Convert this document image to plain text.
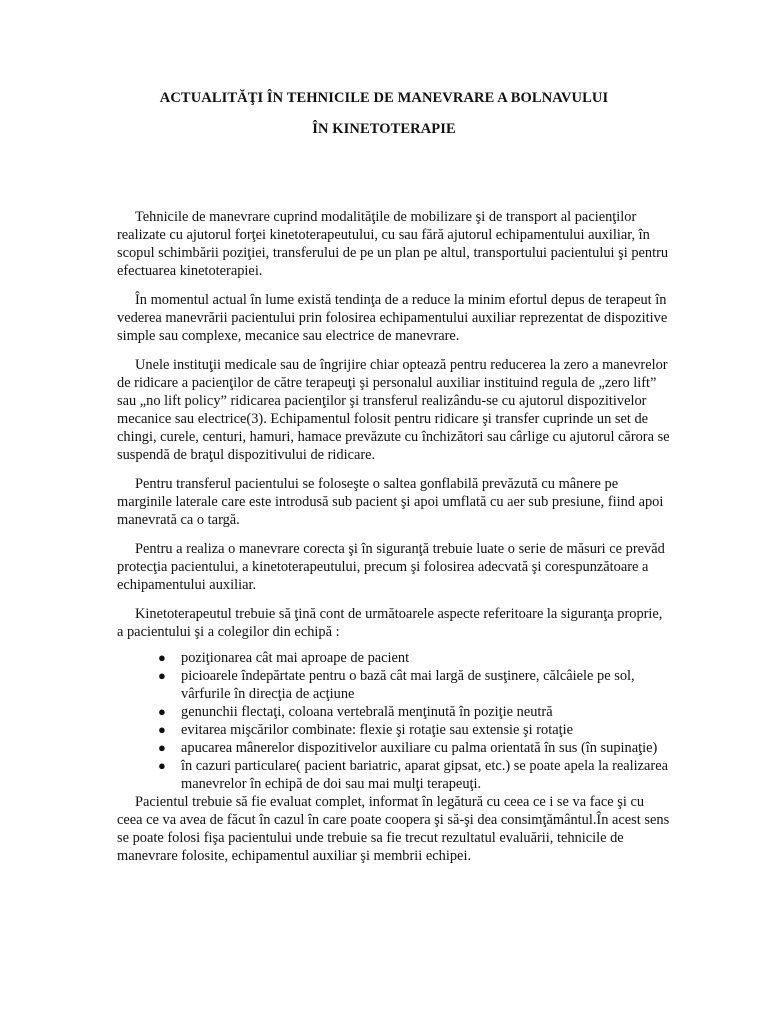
ACTUALITĂŢI ÎN TEHNICILE DE MANEVRARE A BOLNAVULUI
ÎN KINETOTERAPIE

Tehnicile de manevrare cuprind modalităţile de mobilizare şi de transport al pacienţilor realizate cu ajutorul forţei kinetoterapeutului, cu sau fără ajutorul echipamentului auxiliar, în scopul schimbării poziţiei, transferului de pe un plan pe altul, transportului pacientului şi pentru efectuarea kinetoterapiei.

În momentul actual în lume există tendinţa de a reduce la minim efortul depus de terapeut în vederea manevrării pacientului prin folosirea echipamentului auxiliar reprezentat de dispozitive simple sau complexe, mecanice sau electrice de manevrare.

Unele instituţii medicale sau de îngrijire chiar optează pentru reducerea la zero a manevrelor de ridicare a pacienţilor de către terapeuţi şi personalul auxiliar instituind regula de „zero lift” sau „no lift policy” ridicarea pacienţilor şi transferul realizându-se cu ajutorul dispozitivelor mecanice sau electrice(3). Echipamentul folosit pentru ridicare şi transfer cuprinde un set de chingi, curele, centuri, hamuri, hamace prevăzute cu închizători sau cârlige cu ajutorul cărora se suspendă de braţul dispozitivului de ridicare.

Pentru transferul pacientului se foloseşte o saltea gonflabilă prevăzută cu mânere pe marginile laterale care este introdusă sub pacient şi apoi umflată cu aer sub presiune, fiind apoi manevrată ca o targă.

Pentru a realiza o manevrare corecta şi în siguranţă trebuie luate o serie de măsuri ce prevăd protecţia pacientului, a kinetoterapeutului, precum şi folosirea adecvată şi corespunzătoare a echipamentului auxiliar.

Kinetoterapeutul trebuie să ţină cont de următoarele aspecte referitoare la siguranţa proprie, a pacientului şi a colegilor din echipă :

●
poziţionarea cât mai aproape de pacient
●
picioarele îndepărtate pentru o bază cât mai largă de susţinere, călcâiele pe sol, vârfurile în direcţia de acţiune
●
genunchii flectaţi, coloana vertebrală menţinută în poziţie neutră
●
evitarea mişcărilor combinate: flexie şi rotaţie sau extensie şi rotaţie
●
apucarea mânerelor dispozitivelor auxiliare cu palma orientată în sus (în supinaţie)
●
în cazuri particulare( pacient bariatric, aparat gipsat, etc.) se poate apela la realizarea manevrelor în echipă de doi sau mai mulţi terapeuţi.

Pacientul trebuie să fie evaluat complet, informat în legătură cu ceea ce i se va face şi cu ceea ce va avea de făcut în cazul în care poate coopera şi să-şi dea consimţământul.În acest sens se poate folosi fişa pacientului unde trebuie sa fie trecut rezultatul evaluării, tehnicile de manevrare folosite, echipamentul auxiliar şi membrii echipei.
